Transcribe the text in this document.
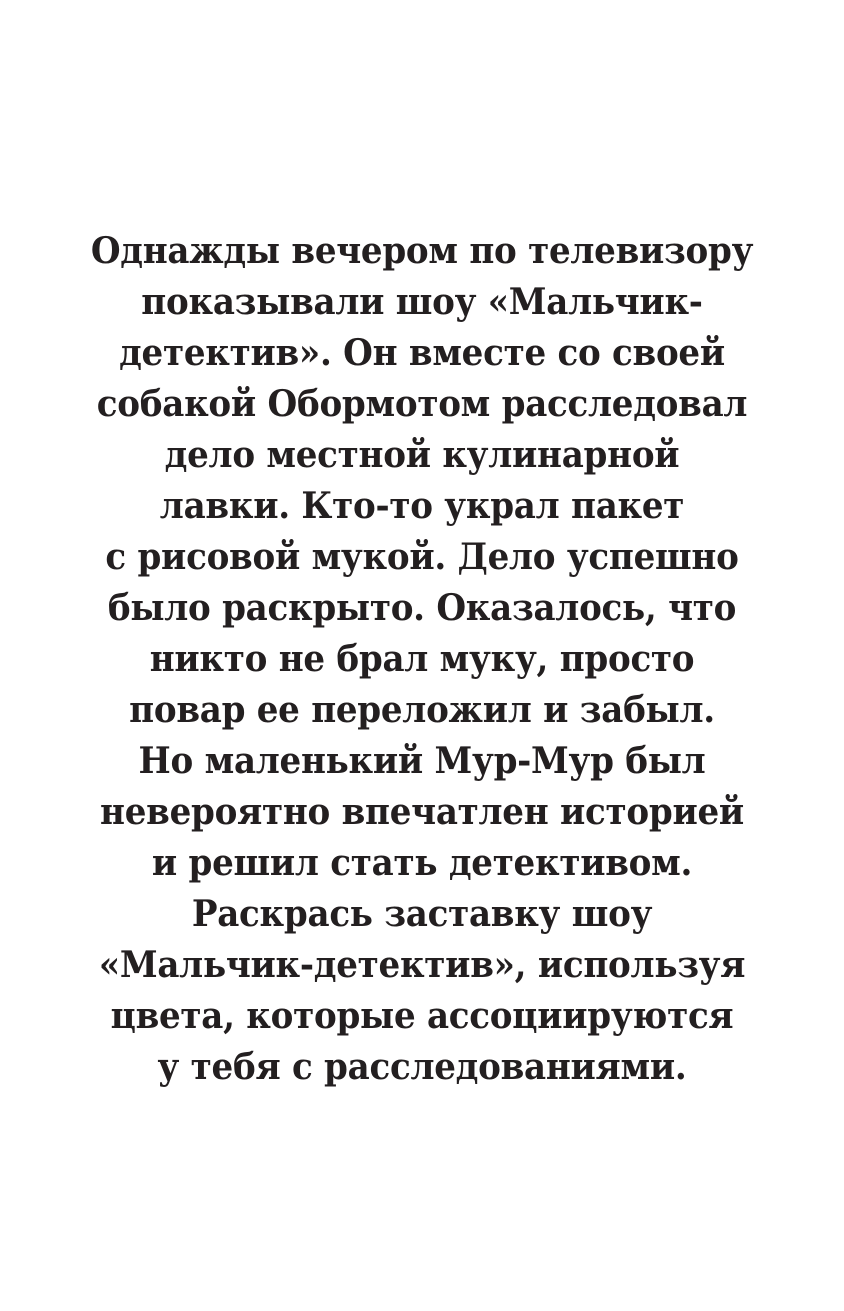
Однажды вечером по телевизору
показывали шоу «Мальчик-
детектив». Он вместе со своей
собакой Обормотом расследовал
дело местной кулинарной
лавки. Кто-то украл пакет
с рисовой мукой. Дело успешно
было раскрыто. Оказалось, что
никто не брал муку, просто
повар ее переложил и забыл.
Но маленький Мур-Мур был
невероятно впечатлен историей
и решил стать детективом.
Раскрась заставку шоу
«Мальчик-детектив», используя
цвета, которые ассоциируются
у тебя с расследованиями.
